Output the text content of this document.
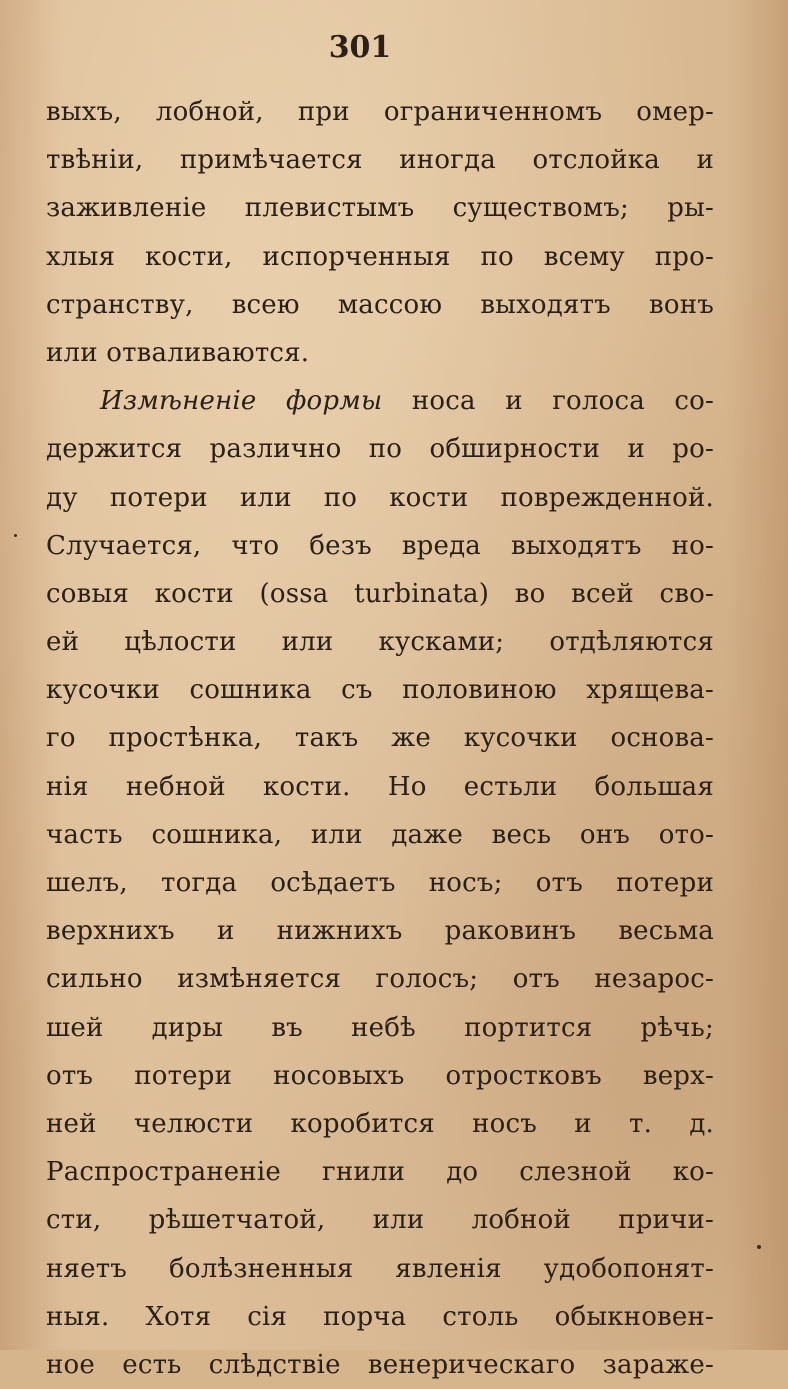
301
выхъ, лобной, при ограниченномъ омер-
твѣніи, примѣчается иногда отслойка и
заживленіе плевистымъ существомъ; ры-
хлыя кости, испорченныя по всему про-
странству, всею массою выходятъ вонъ
или отваливаются.
Измѣненіе формы носа и голоса со-
держится различно по обширности и ро-
ду потери или по кости поврежденной.
Случается, что безъ вреда выходятъ но-
совыя кости (ossa turbinata) во всей сво-
ей цѣлости или кусками; отдѣляются
кусочки сошника съ половиною хрящева-
го простѣнка, такъ же кусочки основа-
нія небной кости. Но естьли большая
часть сошника, или даже весь онъ отo-
шелъ, тогда осѣдаетъ носъ; отъ потери
верхнихъ и нижнихъ раковинъ весьма
сильно измѣняется голосъ; отъ незарос-
шей диры въ небѣ портится рѣчь;
отъ потери носовыхъ отростковъ верх-
ней челюсти коробится носъ и т. д.
Распространеніе гнили до слезной ко-
сти, рѣшетчатой, или лобной причи-
няетъ болѣзненныя явленія удобопонят-
ныя. Хотя сія порча столь обыкновен-
ное есть слѣдствіе венерическаго зараже-
